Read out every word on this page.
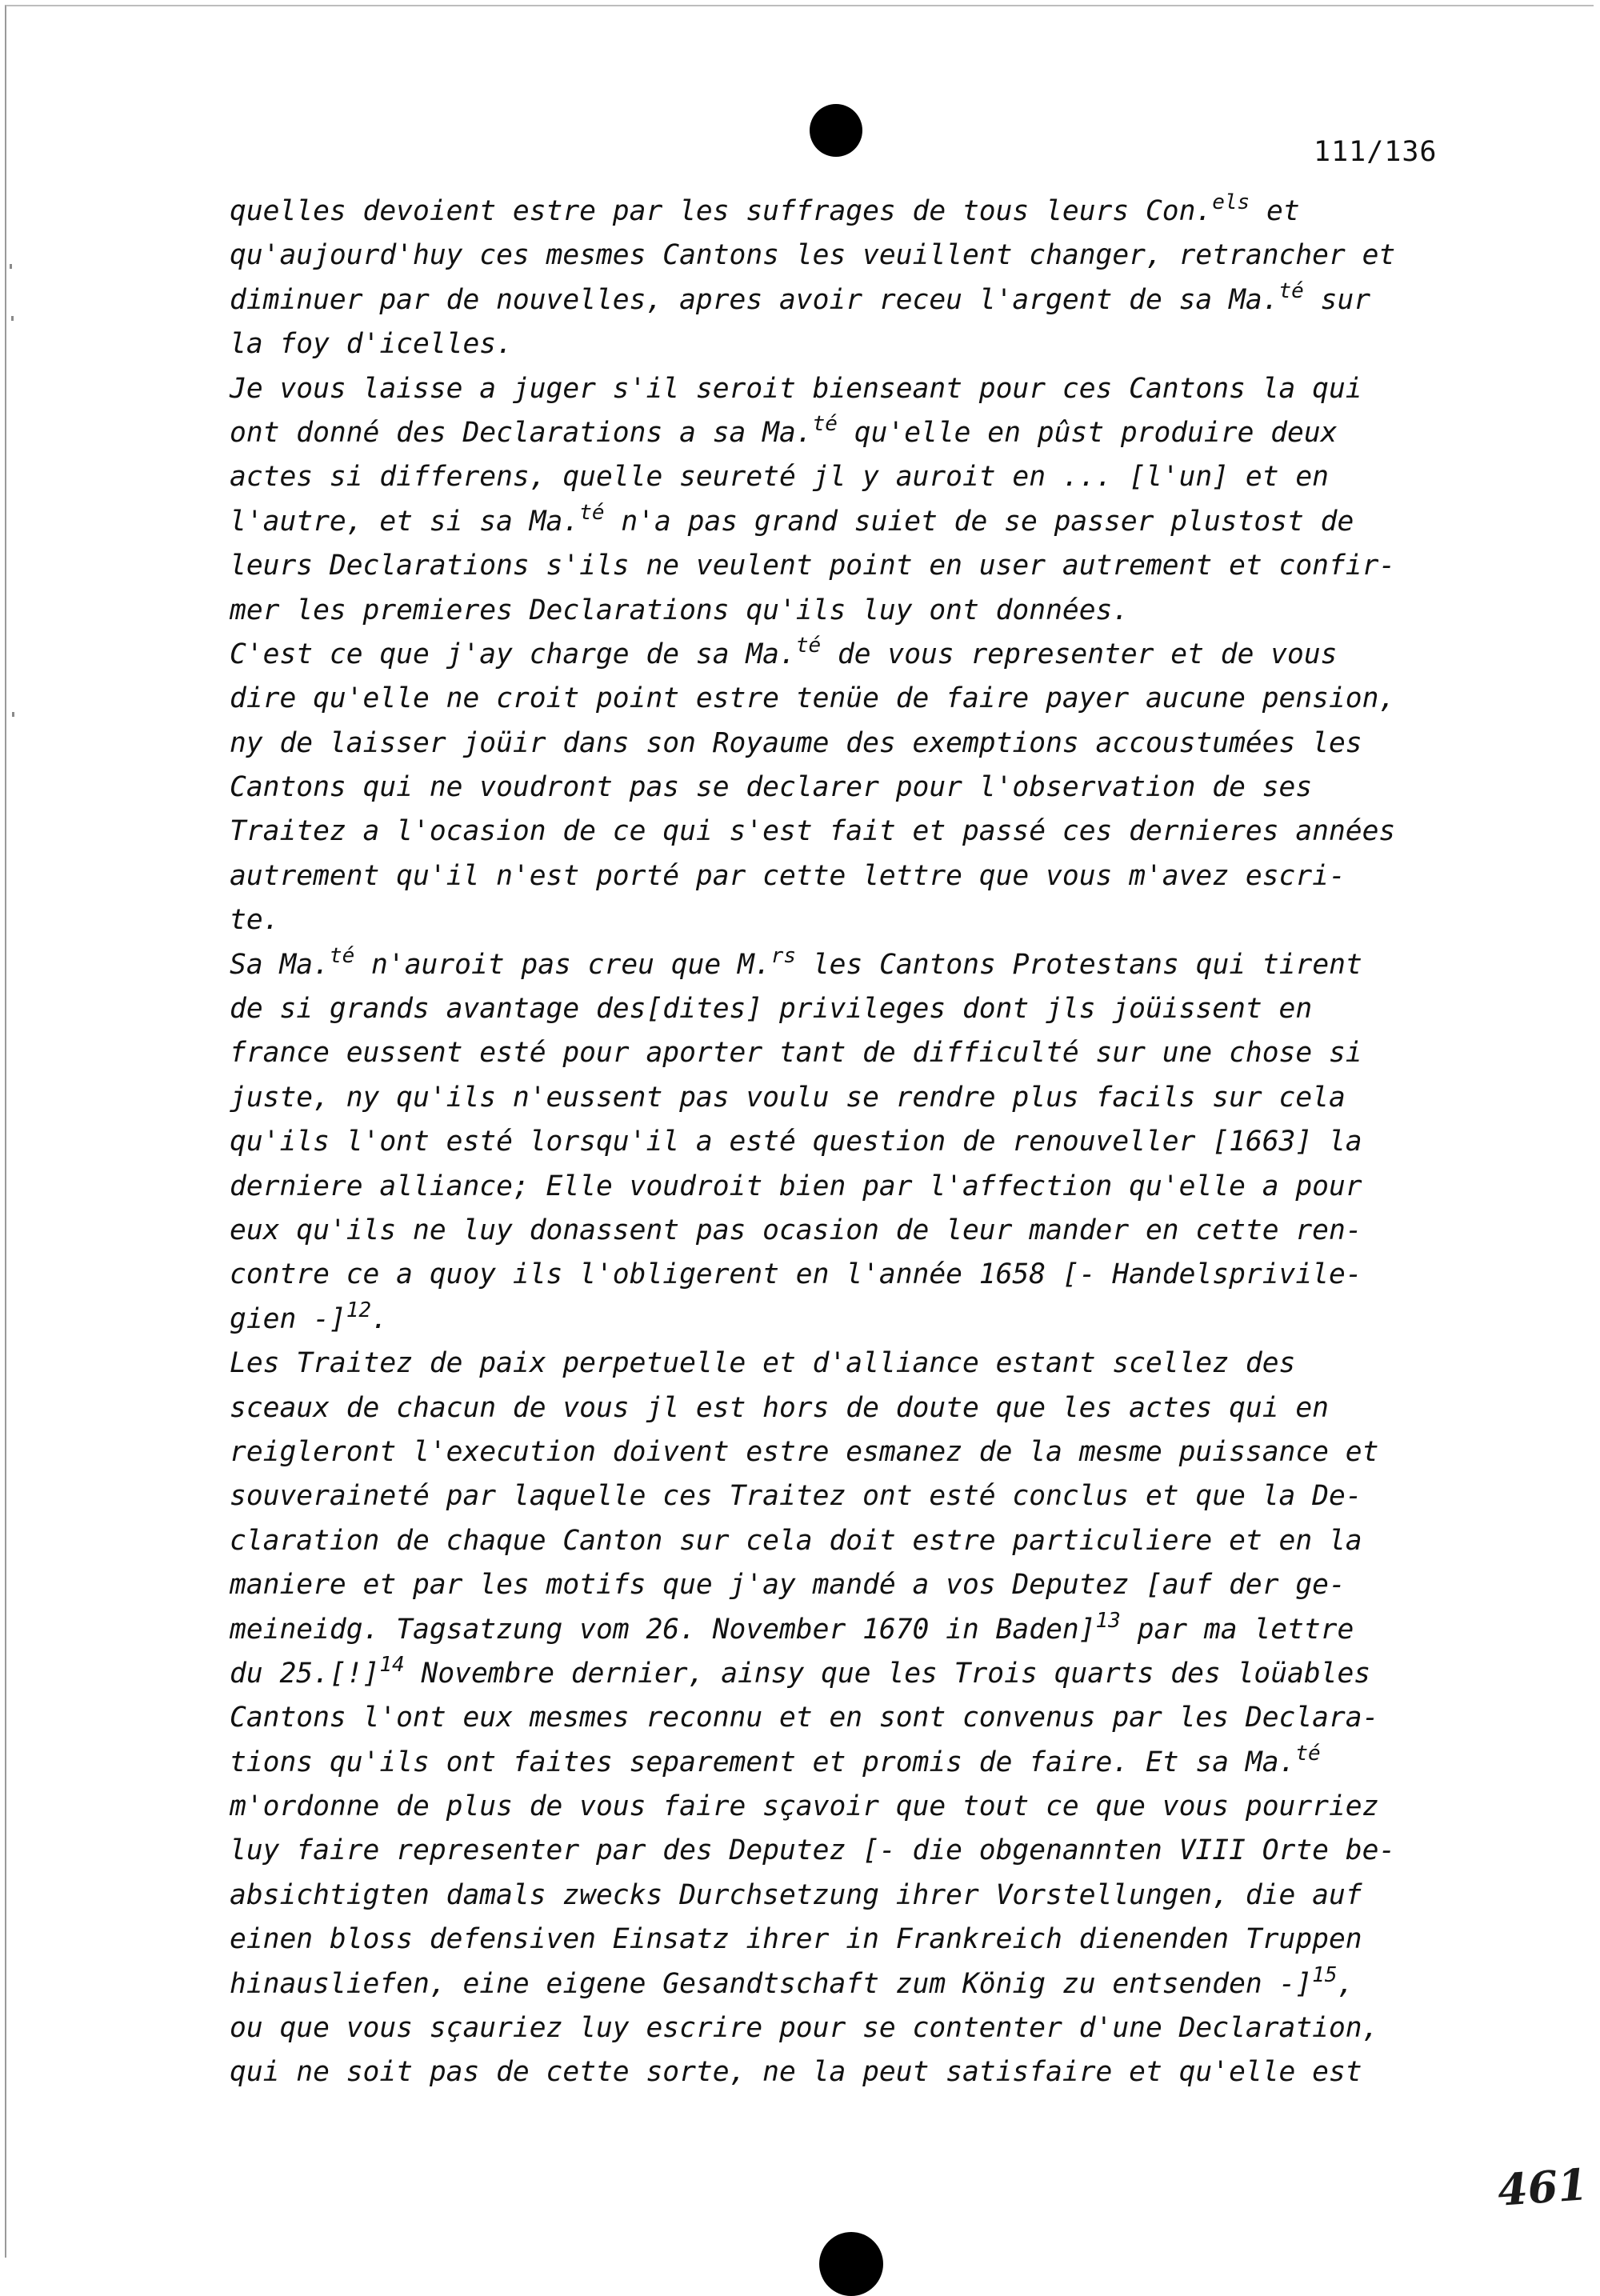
111/136
quelles devoient estre par les suffrages de tous leurs Con.$^{els}$ et
qu'aujourd'huy ces mesmes Cantons les veuillent changer, retrancher et
diminuer par de nouvelles, apres avoir receu l'argent de sa Ma.$^{té}$ sur
la foy d'icelles.
Je vous laisse a juger s'il seroit bienseant pour ces Cantons la qui
ont donné des Declarations a sa Ma.$^{té}$ qu'elle en pûst produire deux
actes si differens, quelle seureté jl y auroit en ... [l'un] et en
l'autre, et si sa Ma.$^{té}$ n'a pas grand suiet de se passer plustost de
leurs Declarations s'ils ne veulent point en user autrement et confir-
mer les premieres Declarations qu'ils luy ont données.
C'est ce que j'ay charge de sa Ma.$^{té}$ de vous representer et de vous
dire qu'elle ne croit point estre tenüe de faire payer aucune pension,
ny de laisser joüir dans son Royaume des exemptions accoustumées les
Cantons qui ne voudront pas se declarer pour l'observation de ses
Traitez a l'ocasion de ce qui s'est fait et passé ces dernieres années
autrement qu'il n'est porté par cette lettre que vous m'avez escri-
te.
Sa Ma.$^{té}$ n'auroit pas creu que M.$^{rs}$ les Cantons Protestans qui tirent
de si grands avantage des[dites] privileges dont jls joüissent en
france eussent esté pour aporter tant de difficulté sur une chose si
juste, ny qu'ils n'eussent pas voulu se rendre plus facils sur cela
qu'ils l'ont esté lorsqu'il a esté question de renouveller [1663] la
derniere alliance; Elle voudroit bien par l'affection qu'elle a pour
eux qu'ils ne luy donassent pas ocasion de leur mander en cette ren-
contre ce a quoy ils l'obligerent en l'année 1658 [- Handelsprivile-
gien -]$^{12}$.
Les Traitez de paix perpetuelle et d'alliance estant scellez des
sceaux de chacun de vous jl est hors de doute que les actes qui en
reigleront l'execution doivent estre esmanez de la mesme puissance et
souveraineté par laquelle ces Traitez ont esté conclus et que la De-
claration de chaque Canton sur cela doit estre particuliere et en la
maniere et par les motifs que j'ay mandé a vos Deputez [auf der ge-
meineidg. Tagsatzung vom 26. November 1670 in Baden]$^{13}$ par ma lettre
du 25.[!]$^{14}$ Novembre dernier, ainsy que les Trois quarts des loüables
Cantons l'ont eux mesmes reconnu et en sont convenus par les Declara-
tions qu'ils ont faites separement et promis de faire. Et sa Ma.$^{té}$
m'ordonne de plus de vous faire sçavoir que tout ce que vous pourriez
luy faire representer par des Deputez [- die obgenannten VIII Orte be-
absichtigten damals zwecks Durchsetzung ihrer Vorstellungen, die auf
einen bloss defensiven Einsatz ihrer in Frankreich dienenden Truppen
hinausliefen, eine eigene Gesandtschaft zum König zu entsenden -]$^{15}$,
ou que vous sçauriez luy escrire pour se contenter d'une Declaration,
qui ne soit pas de cette sorte, ne la peut satisfaire et qu'elle est
461
